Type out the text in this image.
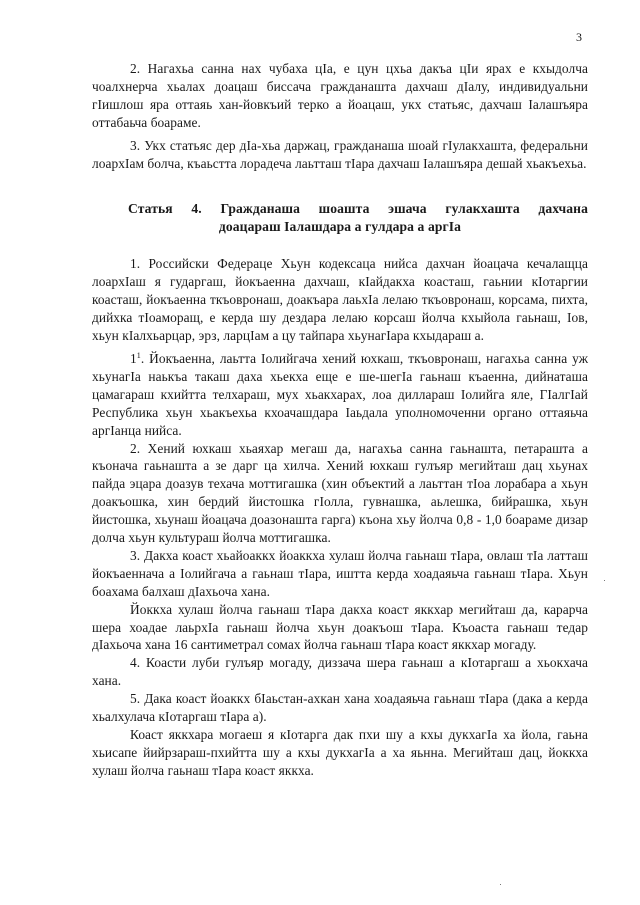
3

2. Нагахьа санна нах чубаха цIа, е цун цхьа дакъа цIи ярах е кхыдолча чоалхнерча хьалах доацаш биссача гражданашта дахчаш дIалу, индивидуальни гIишлош яра оттаяь хан-йовкъий терко а йоацаш, укх статьяс, дахчаш Iалашъяра оттабаьча боараме.

3. Укх статьяс дер дIа-хьа даржац, гражданаша шоай гIулакхашта, федеральни лоархIам болча, къаьстта лорадеча лаьтташ тIара дахчаш Iалашъяра дешай хьакъехьа.

Статья 4. Гражданаша шоашта эшача гулакхашта дахчана
доацараш Iалашдара а гулдара а аргIа

1. Российски Федераце Хьун кодексаца нийса дахчан йоацача кечалащца лоархIаш я гударгаш, йокъаенна дахчаш, кIайдакха коасташ, гаьнии кIотаргии коасташ, йокъаенна ткъовронаш, доакъара лаьхIа лелаю ткъовронаш, корсама, пихта, дийхка тIоаморащ, е керда шу дездара лелаю корсаш йолча кхыйола гаьнаш, Iов, хьун кIалхьарцар, эрз, ларцIам а цу тайпара хьунагIара кхыдараш а.

$1^1$. Йокъаенна, лаьтта Iолийгача хений юхкаш, ткъовронаш, нагахьа санна уж хьунагIа наькъа такаш даха хьекха еще е ше-шегIа гаьнаш къаенна, дийнаташа цамагараш кхийтта телхараш, мух хьакхарах, лоа диллараш Iолийга яле, ГIалгIай Республика хьун хьакъехьа кхоачашдара Iаьдала уполномоченни органо оттаяьча аргIанца нийса.

2. Хений юхкаш хьаяхар мегаш да, нагахьа санна гаьнашта, петарашта а къонача гаьнашта а зе дарг ца хилча. Хений юхкаш гулъяр мегийташ дац хьунах пайда эцара доазув техача моттигашка (хин объектий а лаьттан тIоа лорабара а хьун доакъошка, хин бердий йистошка гIолла, гувнашка, аьлешка, бийрашка, хьун йистошка, хьунаш йоацача доазонашта гарга) къона хьу йолча 0,8 - 1,0 бoараме дизар долча хьун культураш йолча моттигашка.

3. Дакха коаст хьайоаккх йоаккха хулаш йолча гаьнаш тIара, овлаш тIа латташ йокъаеннача а Iолийгача а гаьнаш тIара, иштта керда хоадаяьча гаьнаш тIара. Хьун боахама балхаш дIахьоча хана.

Йоккха хулаш йолча гаьнаш тIара дакха коаст яккхар мегийташ да, карарча шера хоадае лаьрхIа гаьнаш йолча хьун доакъош тIара. Къоаста гаьнаш тедар дIахьоча хана 16 сантиметрал сомах йолча гаьнаш тIара коаст яккхар могаду.

4. Коасти луби гулъяр могаду, диззача шера гаьнаш а кIотаргаш а хьокхача хана.

5. Дака коаст йоаккх бIаьстан-ахкан хана хоадаяьча гаьнаш тIара (дака а керда хьалхулача кIотаргаш тIара а).

Коаст яккхара могаеш я кIотарга дак пхи шу а кхы дукхагIа ха йола, гаьна хьисапе йийрзараш-пхийтта шу а кхы дукхагIа а ха яьнна. Мегийташ дац, йоккха хулаш йолча гаьнаш тIара коаст яккха.
